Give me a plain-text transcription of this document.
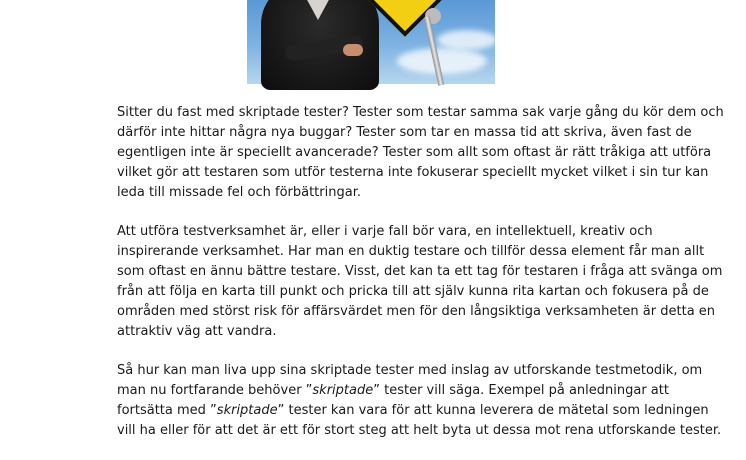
Sitter du fast med skriptade tester? Tester som testar samma sak varje gång du kör dem och
därför inte hittar några nya buggar? Tester som tar en massa tid att skriva, även fast de
egentligen inte är speciellt avancerade? Tester som allt som oftast är rätt tråkiga att utföra
vilket gör att testaren som utför testerna inte fokuserar speciellt mycket vilket i sin tur kan
leda till missade fel och förbättringar.

Att utföra testverksamhet är, eller i varje fall bör vara, en intellektuell, kreativ och
inspirerande verksamhet. Har man en duktig testare och tillför dessa element får man allt
som oftast en ännu bättre testare. Visst, det kan ta ett tag för testaren i fråga att svänga om
från att följa en karta till punkt och pricka till att själv kunna rita kartan och fokusera på de
områden med störst risk för affärsvärdet men för den långsiktiga verksamheten är detta en
attraktiv väg att vandra.

Så hur kan man liva upp sina skriptade tester med inslag av utforskande testmetodik, om
man nu fortfarande behöver ”skriptade” tester vill säga. Exempel på anledningar att
fortsätta med ”skriptade” tester kan vara för att kunna leverera de mätetal som ledningen
vill ha eller för att det är ett för stort steg att helt byta ut dessa mot rena utforskande tester.
